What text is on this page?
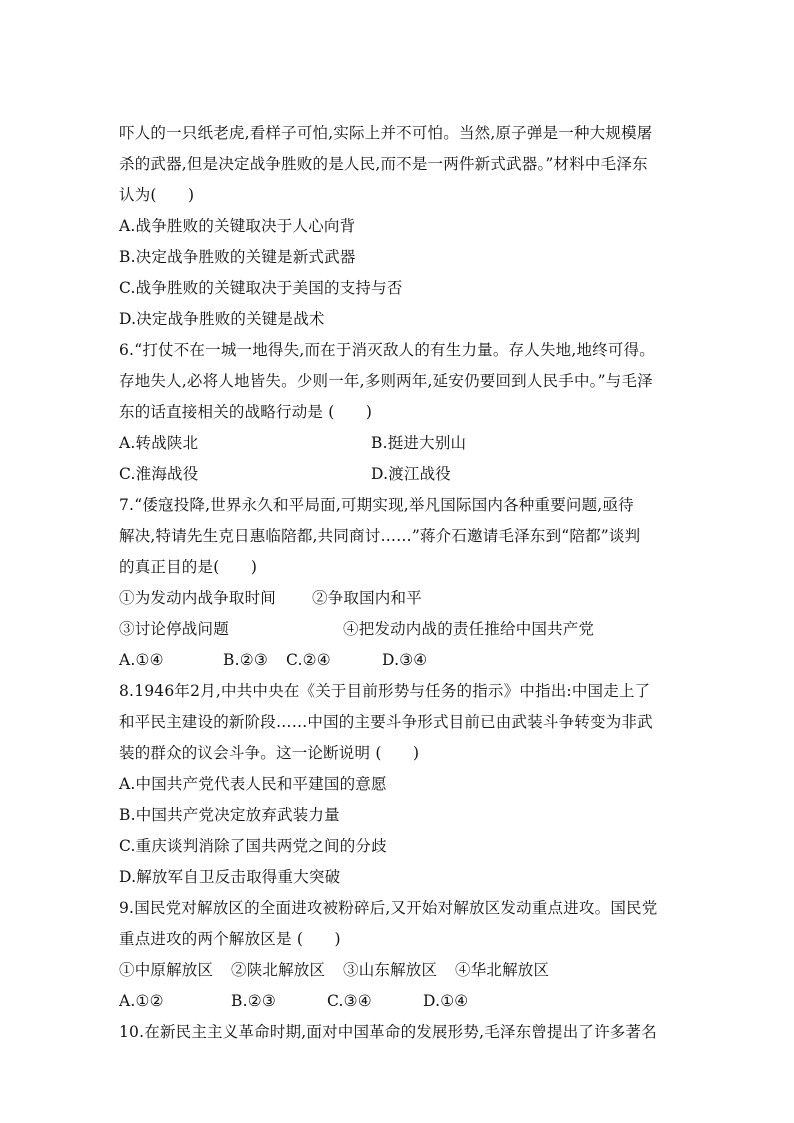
吓人的一只纸老虎,看样子可怕,实际上并不可怕。当然,原子弹是一种大规模屠
杀的武器,但是决定战争胜败的是人民,而不是一两件新式武器。”材料中毛泽东
认为(　　)
A.战争胜败的关键取决于人心向背
B.决定战争胜败的关键是新式武器
C.战争胜败的关键取决于美国的支持与否
D.决定战争胜败的关键是战术
6.“打仗不在一城一地得失,而在于消灭敌人的有生力量。存人失地,地终可得。
存地失人,必将人地皆失。少则一年,多则两年,延安仍要回到人民手中。”与毛泽
东的话直接相关的战略行动是 (　　)
A.转战陕北	B.挺进大别山
C.淮海战役	D.渡江战役
7.“倭寇投降,世界永久和平局面,可期实现,举凡国际国内各种重要问题,亟待
解决,特请先生克日惠临陪都,共同商讨……”蒋介石邀请毛泽东到“陪都”谈判
的真正目的是(　　)
①为发动内战争取时间 ②争取国内和平
③讨论停战问题	④把发动内战的责任推给中国共产党
A.①④	B.②③ C.②④	D.③④
8.1946年2月,中共中央在《关于目前形势与任务的指示》中指出:中国走上了
和平民主建设的新阶段……中国的主要斗争形式目前已由武装斗争转变为非武
装的群众的议会斗争。这一论断说明 (　　)
A.中国共产党代表人民和平建国的意愿
B.中国共产党决定放弃武装力量
C.重庆谈判消除了国共两党之间的分歧
D.解放军自卫反击取得重大突破
9.国民党对解放区的全面进攻被粉碎后,又开始对解放区发动重点进攻。国民党
重点进攻的两个解放区是 (　　)
①中原解放区 ②陕北解放区 ③山东解放区 ④华北解放区
A.①②	B.②③	C.③④	D.①④
10.在新民主主义革命时期,面对中国革命的发展形势,毛泽东曾提出了许多著名
